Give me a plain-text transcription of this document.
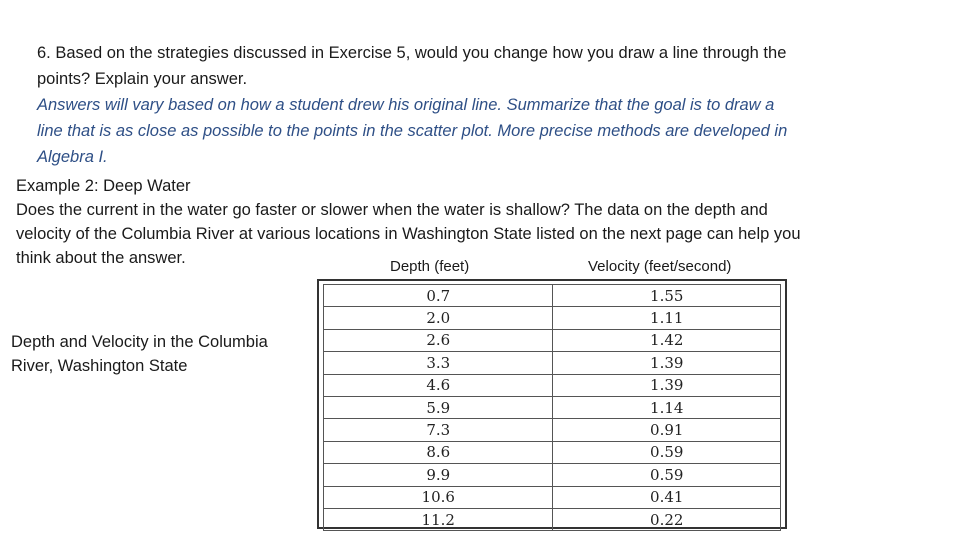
6. Based on the strategies discussed in Exercise 5, would you change how you draw a line through the
points? Explain your answer.
Answers will vary based on how a student drew his original line. Summarize that the goal is to draw a
line that is as close as possible to the points in the scatter plot. More precise methods are developed in
Algebra I.
Example 2: Deep Water
Does the current in the water go faster or slower when the water is shallow? The data on the depth and
velocity of the Columbia River at various locations in Washington State listed on the next page can help you
think about the answer.
Depth and Velocity in the Columbia River, Washington State
Depth (feet)	Velocity (feet/second)
0.7	1.55
2.0	1.11
2.6	1.42
3.3	1.39
4.6	1.39
5.9	1.14
7.3	0.91
8.6	0.59
9.9	0.59
10.6	0.41
11.2	0.22
